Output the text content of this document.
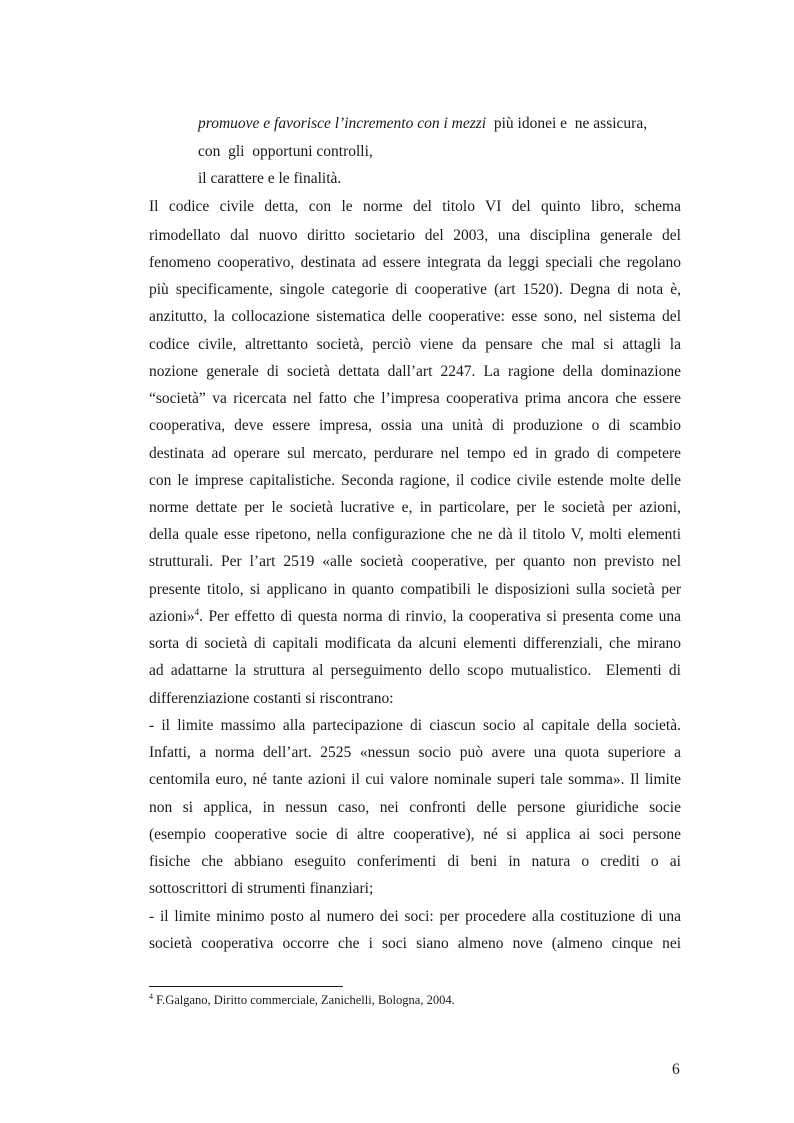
promuove e favorisce l’incremento con i mezzi  più idonei e  ne assicura,
con  gli  opportuni controlli,
il carattere e le finalità.
Il codice civile detta, con le norme del titolo VI del quinto libro, schema
rimodellato dal nuovo diritto societario del 2003, una disciplina generale del
fenomeno cooperativo, destinata ad essere integrata da leggi speciali che regolano
più specificamente, singole categorie di cooperative (art 1520). Degna di nota è,
anzitutto, la collocazione sistematica delle cooperative: esse sono, nel sistema del
codice civile, altrettanto società, perciò viene da pensare che mal si attagli la
nozione generale di società dettata dall’art 2247. La ragione della dominazione
“società” va ricercata nel fatto che l’impresa cooperativa prima ancora che essere
cooperativa, deve essere impresa, ossia una unità di produzione o di scambio
destinata ad operare sul mercato, perdurare nel tempo ed in grado di competere
con le imprese capitalistiche. Seconda ragione, il codice civile estende molte delle
norme dettate per le società lucrative e, in particolare, per le società per azioni,
della quale esse ripetono, nella configurazione che ne dà il titolo V, molti elementi
strutturali. Per l’art 2519 «alle società cooperative, per quanto non previsto nel
presente titolo, si applicano in quanto compatibili le disposizioni sulla società per
azioni»$^4$. Per effetto di questa norma di rinvio, la cooperativa si presenta come una
sorta di società di capitali modificata da alcuni elementi differenziali, che mirano
ad adattarne la struttura al perseguimento dello scopo mutualistico.  Elementi di
differenziazione costanti si riscontrano:
- il limite massimo alla partecipazione di ciascun socio al capitale della società.
Infatti, a norma dell’art. 2525 «nessun socio può avere una quota superiore a
centomila euro, né tante azioni il cui valore nominale superi tale somma». Il limite
non si applica, in nessun caso, nei confronti delle persone giuridiche socie
(esempio cooperative socie di altre cooperative), né si applica ai soci persone
fisiche che abbiano eseguito conferimenti di beni in natura o crediti o ai
sottoscrittori di strumenti finanziari;
- il limite minimo posto al numero dei soci: per procedere alla costituzione di una
società cooperativa occorre che i soci siano almeno nove (almeno cinque nei
$^4$ F.Galgano, Diritto commerciale, Zanichelli, Bologna, 2004.
6
